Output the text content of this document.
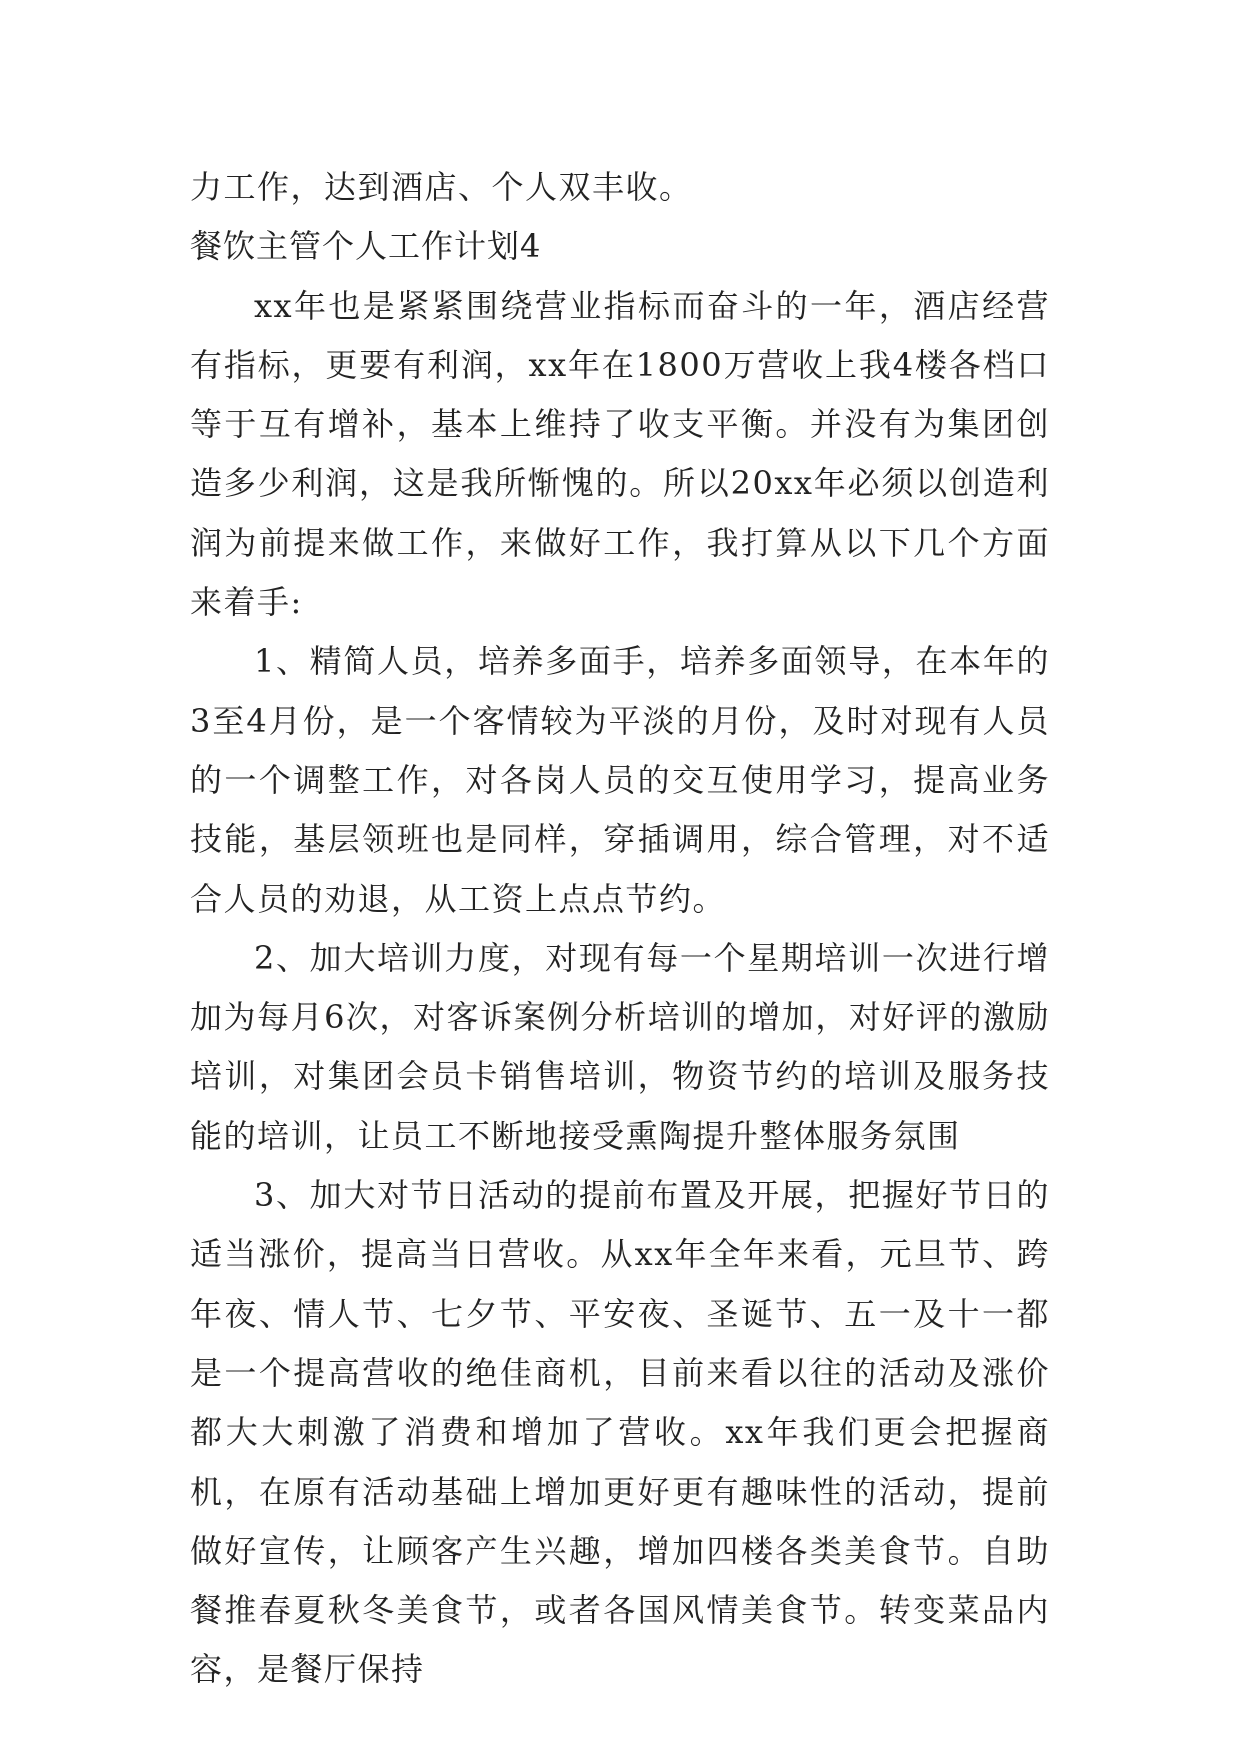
力工作，达到酒店、个人双丰收。

餐饮主管个人工作计划4

xx年也是紧紧围绕营业指标而奋斗的一年，酒店经营有指标，更要有利润，xx年在1800万营收上我4楼各档口等于互有增补，基本上维持了收支平衡。并没有为集团创造多少利润，这是我所惭愧的。所以20xx年必须以创造利润为前提来做工作，来做好工作，我打算从以下几个方面来着手:

1、精简人员，培养多面手，培养多面领导，在本年的3至4月份，是一个客情较为平淡的月份，及时对现有人员的一个调整工作，对各岗人员的交互使用学习，提高业务技能，基层领班也是同样，穿插调用，综合管理，对不适合人员的劝退，从工资上点点节约。

2、加大培训力度，对现有每一个星期培训一次进行增加为每月6次，对客诉案例分析培训的增加，对好评的激励培训，对集团会员卡销售培训，物资节约的培训及服务技能的培训，让员工不断地接受熏陶提升整体服务氛围

3、加大对节日活动的提前布置及开展，把握好节日的适当涨价，提高当日营收。从xx年全年来看，元旦节、跨年夜、情人节、七夕节、平安夜、圣诞节、五一及十一都是一个提高营收的绝佳商机，目前来看以往的活动及涨价都大大刺激了消费和增加了营收。xx年我们更会把握商机，在原有活动基础上增加更好更有趣味性的活动，提前做好宣传，让顾客产生兴趣，增加四楼各类美食节。自助餐推春夏秋冬美食节，或者各国风情美食节。转变菜品内容，是餐厅保持
